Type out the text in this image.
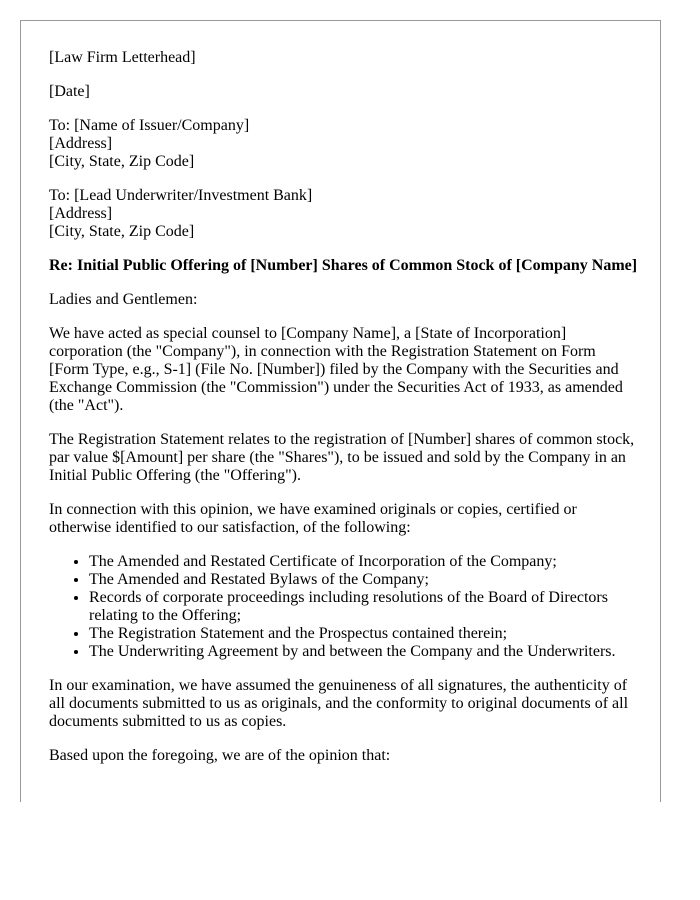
[Law Firm Letterhead]

[Date]

To: [Name of Issuer/Company]
[Address]
[City, State, Zip Code]

To: [Lead Underwriter/Investment Bank]
[Address]
[City, State, Zip Code]

Re: Initial Public Offering of [Number] Shares of Common Stock of [Company Name]

Ladies and Gentlemen:

We have acted as special counsel to [Company Name], a [State of Incorporation] corporation (the "Company"), in connection with the Registration Statement on Form [Form Type, e.g., S-1] (File No. [Number]) filed by the Company with the Securities and Exchange Commission (the "Commission") under the Securities Act of 1933, as amended (the "Act").

The Registration Statement relates to the registration of [Number] shares of common stock, par value $[Amount] per share (the "Shares"), to be issued and sold by the Company in an Initial Public Offering (the "Offering").

In connection with this opinion, we have examined originals or copies, certified or otherwise identified to our satisfaction, of the following:

• The Amended and Restated Certificate of Incorporation of the Company;
• The Amended and Restated Bylaws of the Company;
• Records of corporate proceedings including resolutions of the Board of Directors relating to the Offering;
• The Registration Statement and the Prospectus contained therein;
• The Underwriting Agreement by and between the Company and the Underwriters.

In our examination, we have assumed the genuineness of all signatures, the authenticity of all documents submitted to us as originals, and the conformity to original documents of all documents submitted to us as copies.

Based upon the foregoing, we are of the opinion that:
